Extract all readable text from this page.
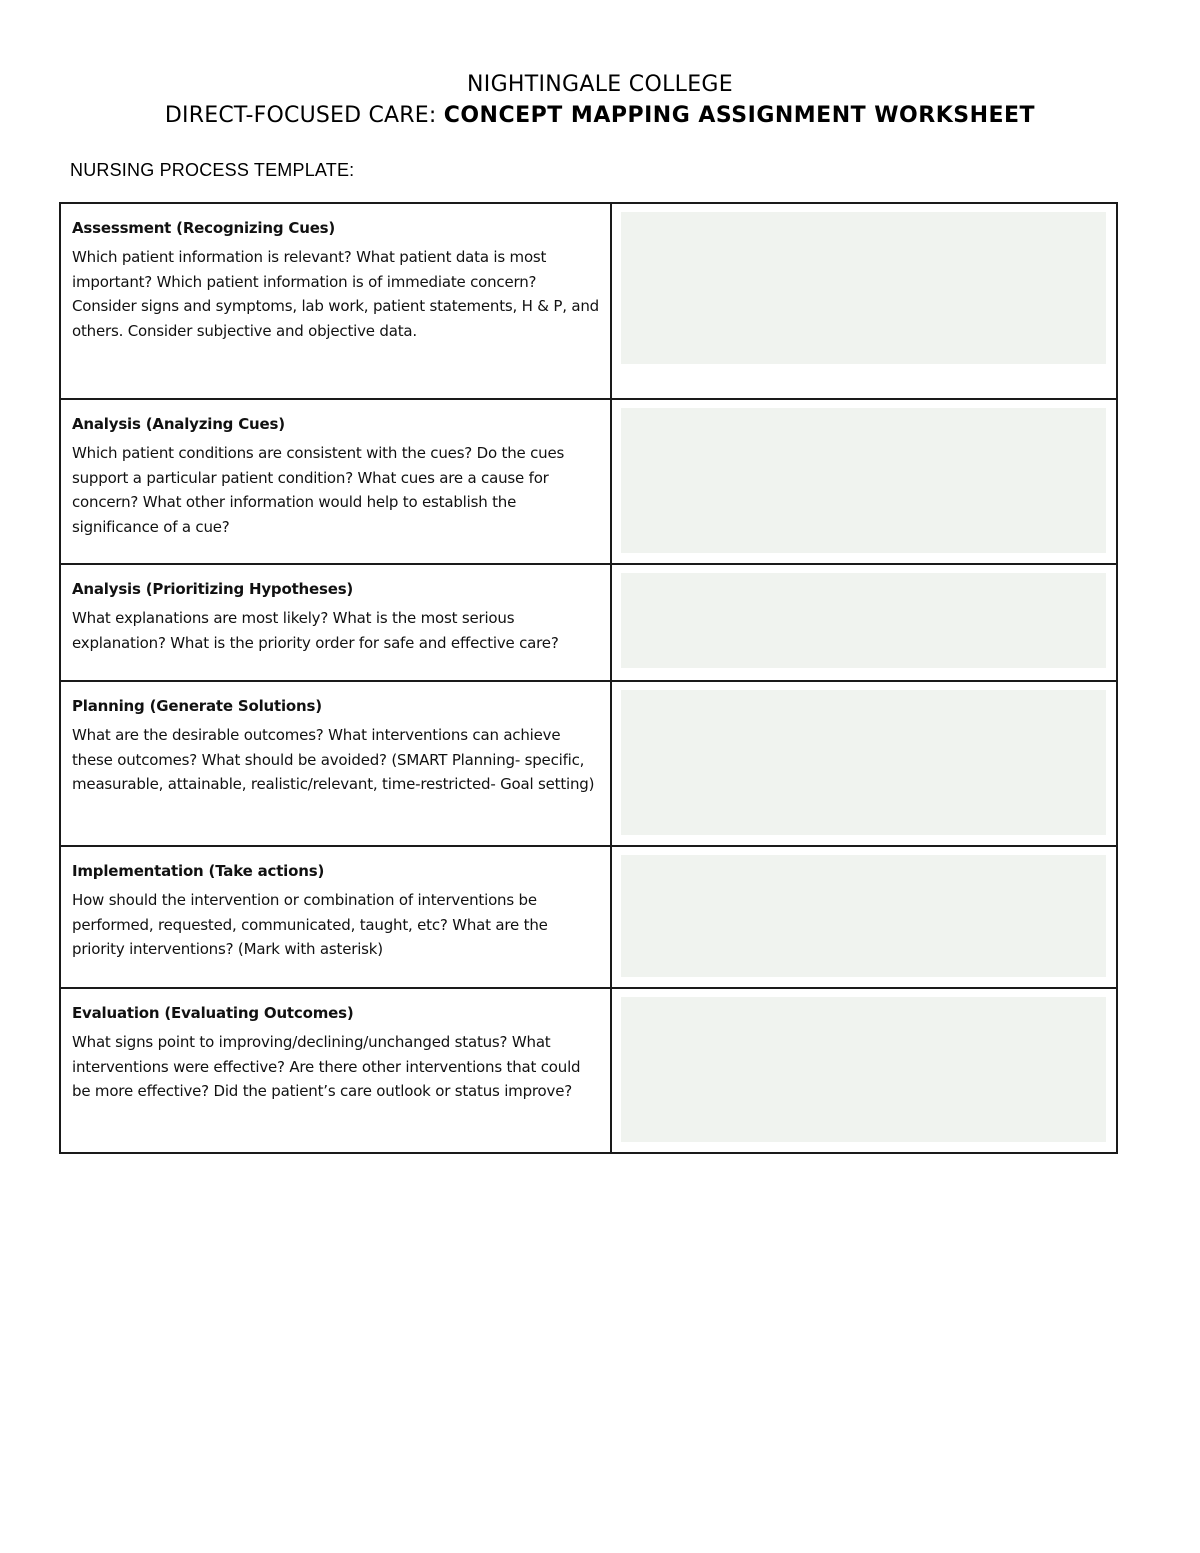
NIGHTINGALE COLLEGE

DIRECT-FOCUSED CARE: CONCEPT MAPPING ASSIGNMENT WORKSHEET

NURSING PROCESS TEMPLATE:

Assessment (Recognizing Cues)

Which patient information is relevant? What patient data is most important? Which patient information is of immediate concern? Consider signs and symptoms, lab work, patient statements, H & P, and others. Consider subjective and objective data.	

Analysis (Analyzing Cues)

Which patient conditions are consistent with the cues? Do the cues support a particular patient condition? What cues are a cause for concern? What other information would help to establish the significance of a cue?	

Analysis (Prioritizing Hypotheses)

What explanations are most likely? What is the most serious explanation? What is the priority order for safe and effective care?	

Planning (Generate Solutions)

What are the desirable outcomes? What interventions can achieve these outcomes? What should be avoided? (SMART Planning- specific, measurable, attainable, realistic/relevant, time-restricted- Goal setting)	

Implementation (Take actions)

How should the intervention or combination of interventions be performed, requested, communicated, taught, etc? What are the priority interventions? (Mark with asterisk)	

Evaluation (Evaluating Outcomes)

What signs point to improving/declining/unchanged status? What interventions were effective? Are there other interventions that could be more effective? Did the patient’s care outlook or status improve?	
